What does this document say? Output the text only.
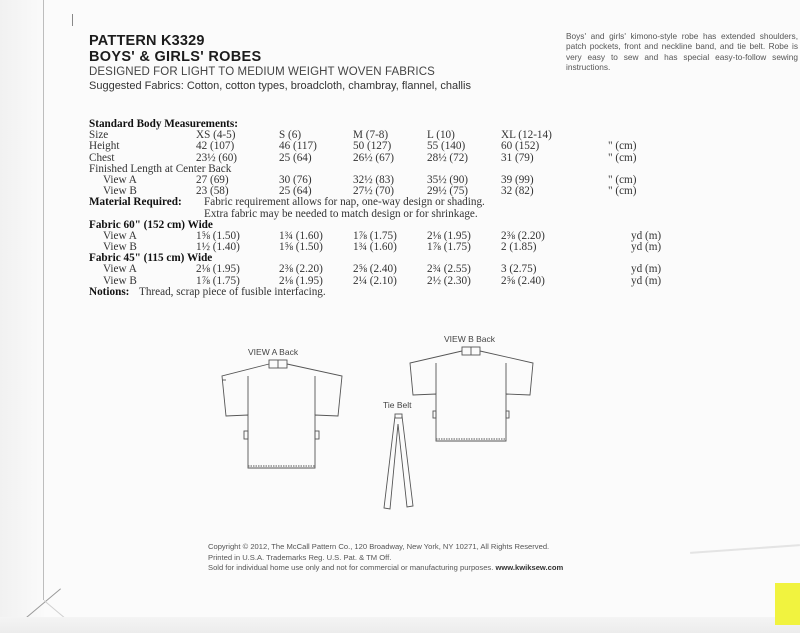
PATTERN K3329
BOYS' & GIRLS' ROBES
DESIGNED FOR LIGHT TO MEDIUM WEIGHT WOVEN FABRICS
Suggested Fabrics: Cotton, cotton types, broadcloth, chambray, flannel, challis
Boys' and girls' kimono-style robe has extended shoulders, patch pockets, front and neckline band, and tie belt. Robe is very easy to sew and has special easy-to-follow sewing instructions.
Standard Body Measurements:
Size	XS (4-5)	S (6)	M (7-8)	L (10)	XL (12-14)
Height	42 (107)	46 (117)	50 (127)	55 (140)	60 (152)	" (cm)
Chest	23½ (60)	25 (64)	26½ (67)	28½ (72)	31 (79)	" (cm)
Finished Length at Center Back
View A	27 (69)	30 (76)	32½ (83)	35½ (90)	39 (99)	" (cm)
View B	23 (58)	25 (64)	27½ (70)	29½ (75)	32 (82)	" (cm)
Material Required: Fabric requirement allows for nap, one-way design or shading.
Extra fabric may be needed to match design or for shrinkage.
Fabric 60" (152 cm) Wide
View A	1⅝ (1.50)	1¾ (1.60)	1⅞ (1.75)	2⅛ (1.95)	2⅜ (2.20)	yd (m)
View B	1½ (1.40)	1⅝ (1.50)	1¾ (1.60)	1⅞ (1.75)	2 (1.85)	yd (m)
Fabric 45" (115 cm) Wide
View A	2⅛ (1.95)	2⅜ (2.20)	2⅝ (2.40)	2¾ (2.55)	3 (2.75)	yd (m)
View B	1⅞ (1.75)	2⅛ (1.95)	2¼ (2.10)	2½ (2.30)	2⅝ (2.40)	yd (m)
Notions: Thread, scrap piece of fusible interfacing.
VIEW A Back
VIEW B Back
Tie Belt
Copyright © 2012, The McCall Pattern Co., 120 Broadway, New York, NY 10271, All Rights Reserved.
Printed in U.S.A. Trademarks Reg. U.S. Pat. & TM Off.
Sold for individual home use only and not for commercial or manufacturing purposes. www.kwiksew.com
